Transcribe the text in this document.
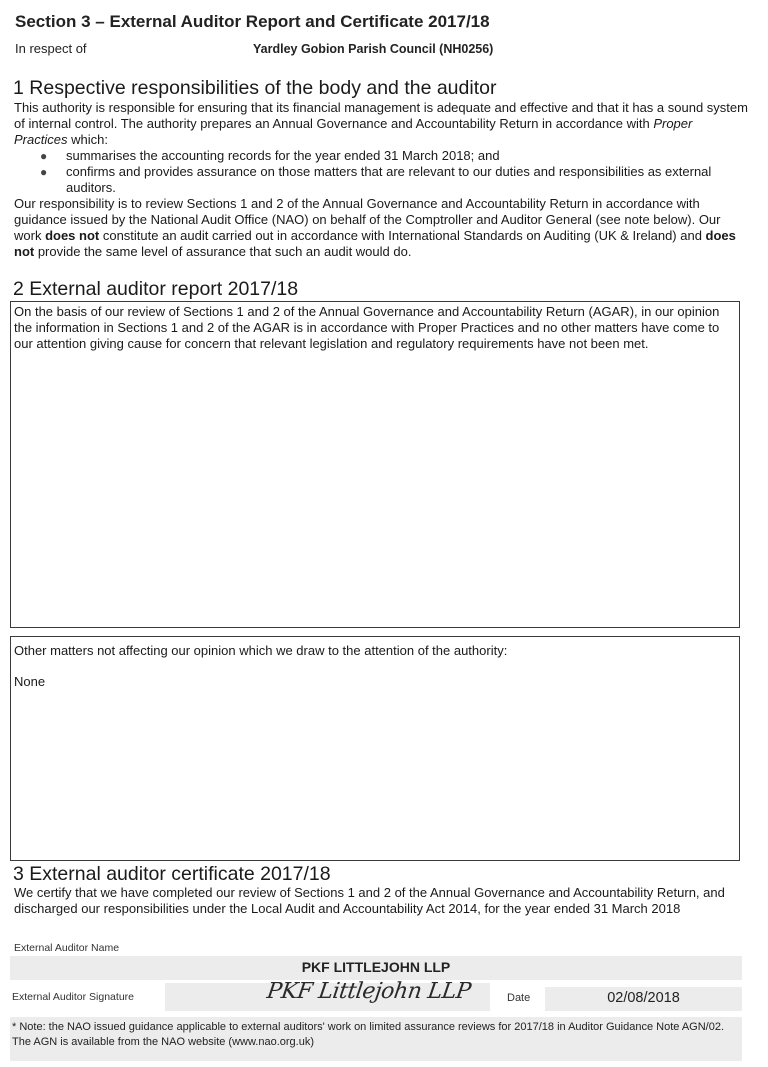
Section 3 – External Auditor Report and Certificate 2017/18
In respect of	Yardley Gobion Parish Council (NH0256)
1 Respective responsibilities of the body and the auditor
This authority is responsible for ensuring that its financial management is adequate and effective and that it has a sound system of internal control. The authority prepares an Annual Governance and Accountability Return in accordance with Proper Practices which:
● summarises the accounting records for the year ended 31 March 2018; and
● confirms and provides assurance on those matters that are relevant to our duties and responsibilities as external auditors.
Our responsibility is to review Sections 1 and 2 of the Annual Governance and Accountability Return in accordance with guidance issued by the National Audit Office (NAO) on behalf of the Comptroller and Auditor General (see note below). Our work does not constitute an audit carried out in accordance with International Standards on Auditing (UK & Ireland) and does not provide the same level of assurance that such an audit would do.
2 External auditor report 2017/18
On the basis of our review of Sections 1 and 2 of the Annual Governance and Accountability Return (AGAR), in our opinion the information in Sections 1 and 2 of the AGAR is in accordance with Proper Practices and no other matters have come to our attention giving cause for concern that relevant legislation and regulatory requirements have not been met.
Other matters not affecting our opinion which we draw to the attention of the authority:
None
3 External auditor certificate 2017/18
We certify that we have completed our review of Sections 1 and 2 of the Annual Governance and Accountability Return, and discharged our responsibilities under the Local Audit and Accountability Act 2014, for the year ended 31 March 2018
External Auditor Name
PKF LITTLEJOHN LLP
External Auditor Signature	PKF Littlejohn LLP	Date	02/08/2018
* Note: the NAO issued guidance applicable to external auditors' work on limited assurance reviews for 2017/18 in Auditor Guidance Note AGN/02. The AGN is available from the NAO website (www.nao.org.uk)
